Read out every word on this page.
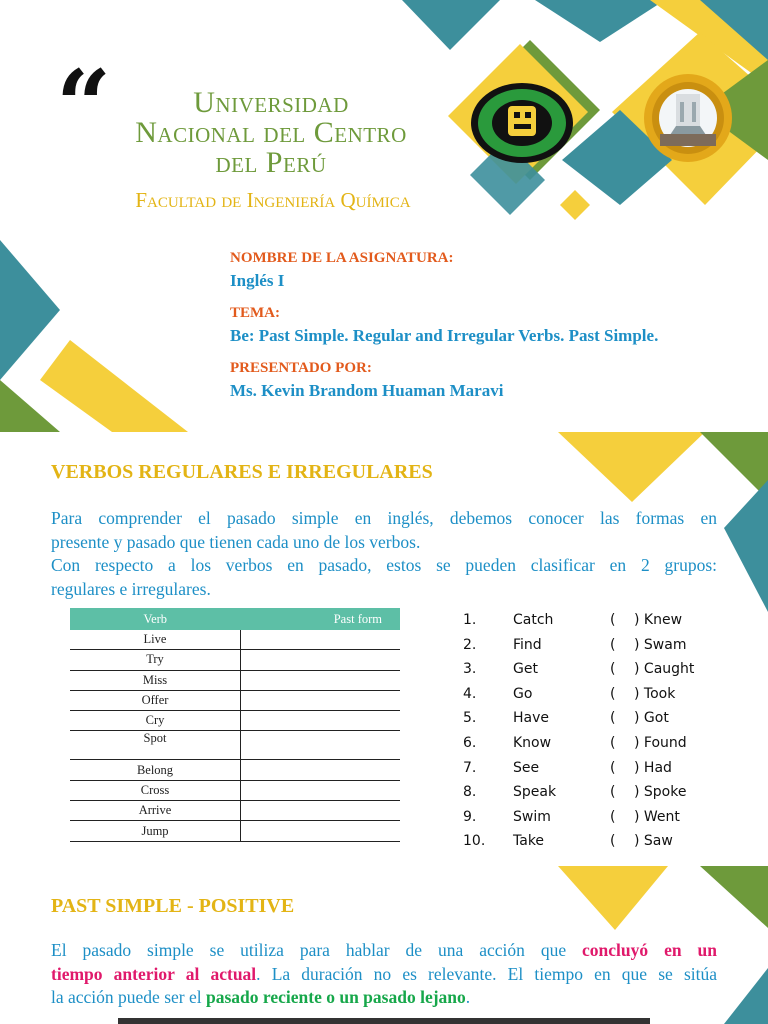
“	Universidad
Nacional del Centro
del Perú
Facultad de Ingeniería Química
NOMBRE DE LA ASIGNATURA:
Inglés I
TEMA:
Be: Past Simple. Regular and Irregular Verbs. Past Simple.
PRESENTADO POR:
Ms. Kevin Brandom Huaman Maravi
VERBOS REGULARES E IRREGULARES
Para comprender el pasado simple en inglés, debemos conocer las formas en
presente y pasado que tienen cada uno de los verbos.
Con respecto a los verbos en pasado, estos se pueden clasificar en 2 grupos:
regulares e irregulares.
Verb	Past form
Live	
Try	
Miss	
Offer	
Cry	
Spot	
Belong	
Cross	
Arrive	
Jump	
1.	Catch	( ) Knew
2.	Find	( ) Swam
3.	Get	( ) Caught
4.	Go	( ) Took
5.	Have	( ) Got
6.	Know	( ) Found
7.	See	( ) Had
8.	Speak	( ) Spoke
9.	Swim	( ) Went
10. Take	( ) Saw
PAST SIMPLE - POSITIVE
El pasado simple se utiliza para hablar de una acción que concluyó en un
tiempo anterior al actual. La duración no es relevante. El tiempo en que se sitúa
la acción puede ser el pasado reciente o un pasado lejano.
